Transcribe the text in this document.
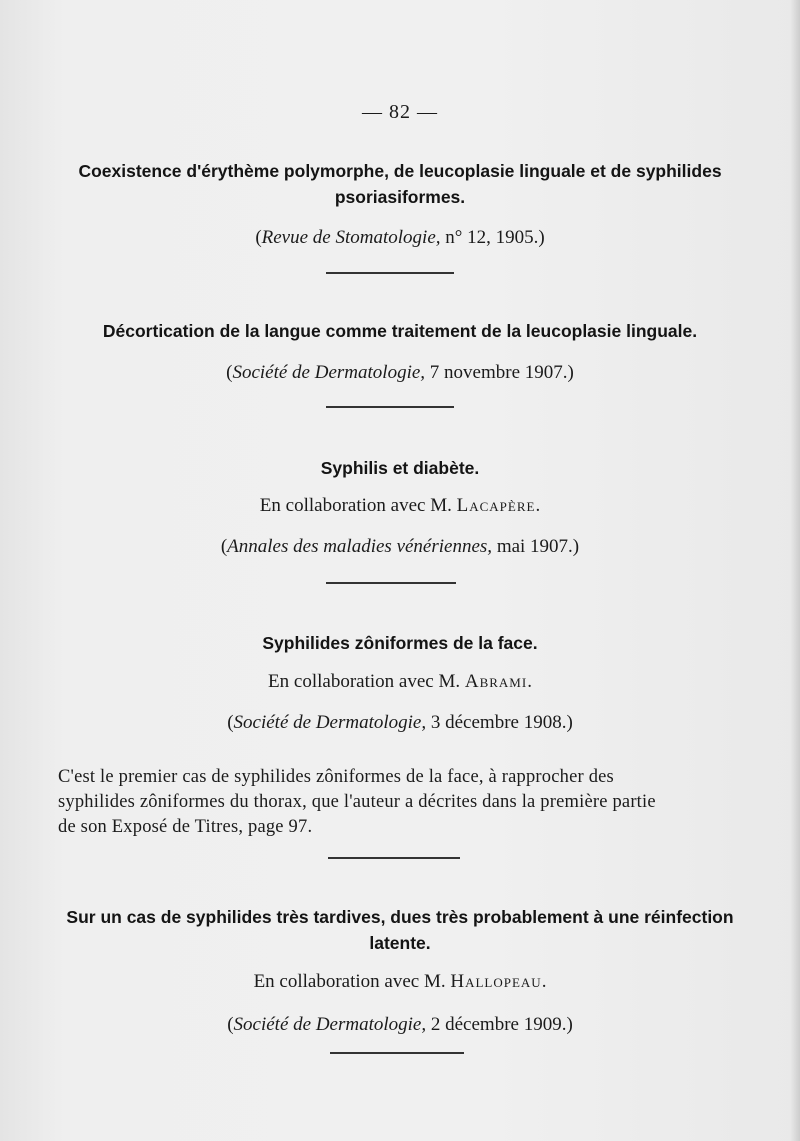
— 82 —
Coexistence d'érythème polymorphe, de leucoplasie linguale et de syphilides
psoriasiformes.
(Revue de Stomatologie, n° 12, 1905.)
Décortication de la langue comme traitement de la leucoplasie linguale.
(Société de Dermatologie, 7 novembre 1907.)
Syphilis et diabète.
En collaboration avec M. Lacapère.
(Annales des maladies vénériennes, mai 1907.)
Syphilides zôniformes de la face.
En collaboration avec M. Abrami.
(Société de Dermatologie, 3 décembre 1908.)
C'est le premier cas de syphilides zôniformes de la face, à rapprocher des
syphilides zôniformes du thorax, que l'auteur a décrites dans la première partie
de son Exposé de Titres, page 97.
Sur un cas de syphilides très tardives, dues très probablement à une réinfection
latente.
En collaboration avec M. Hallopeau.
(Société de Dermatologie, 2 décembre 1909.)
